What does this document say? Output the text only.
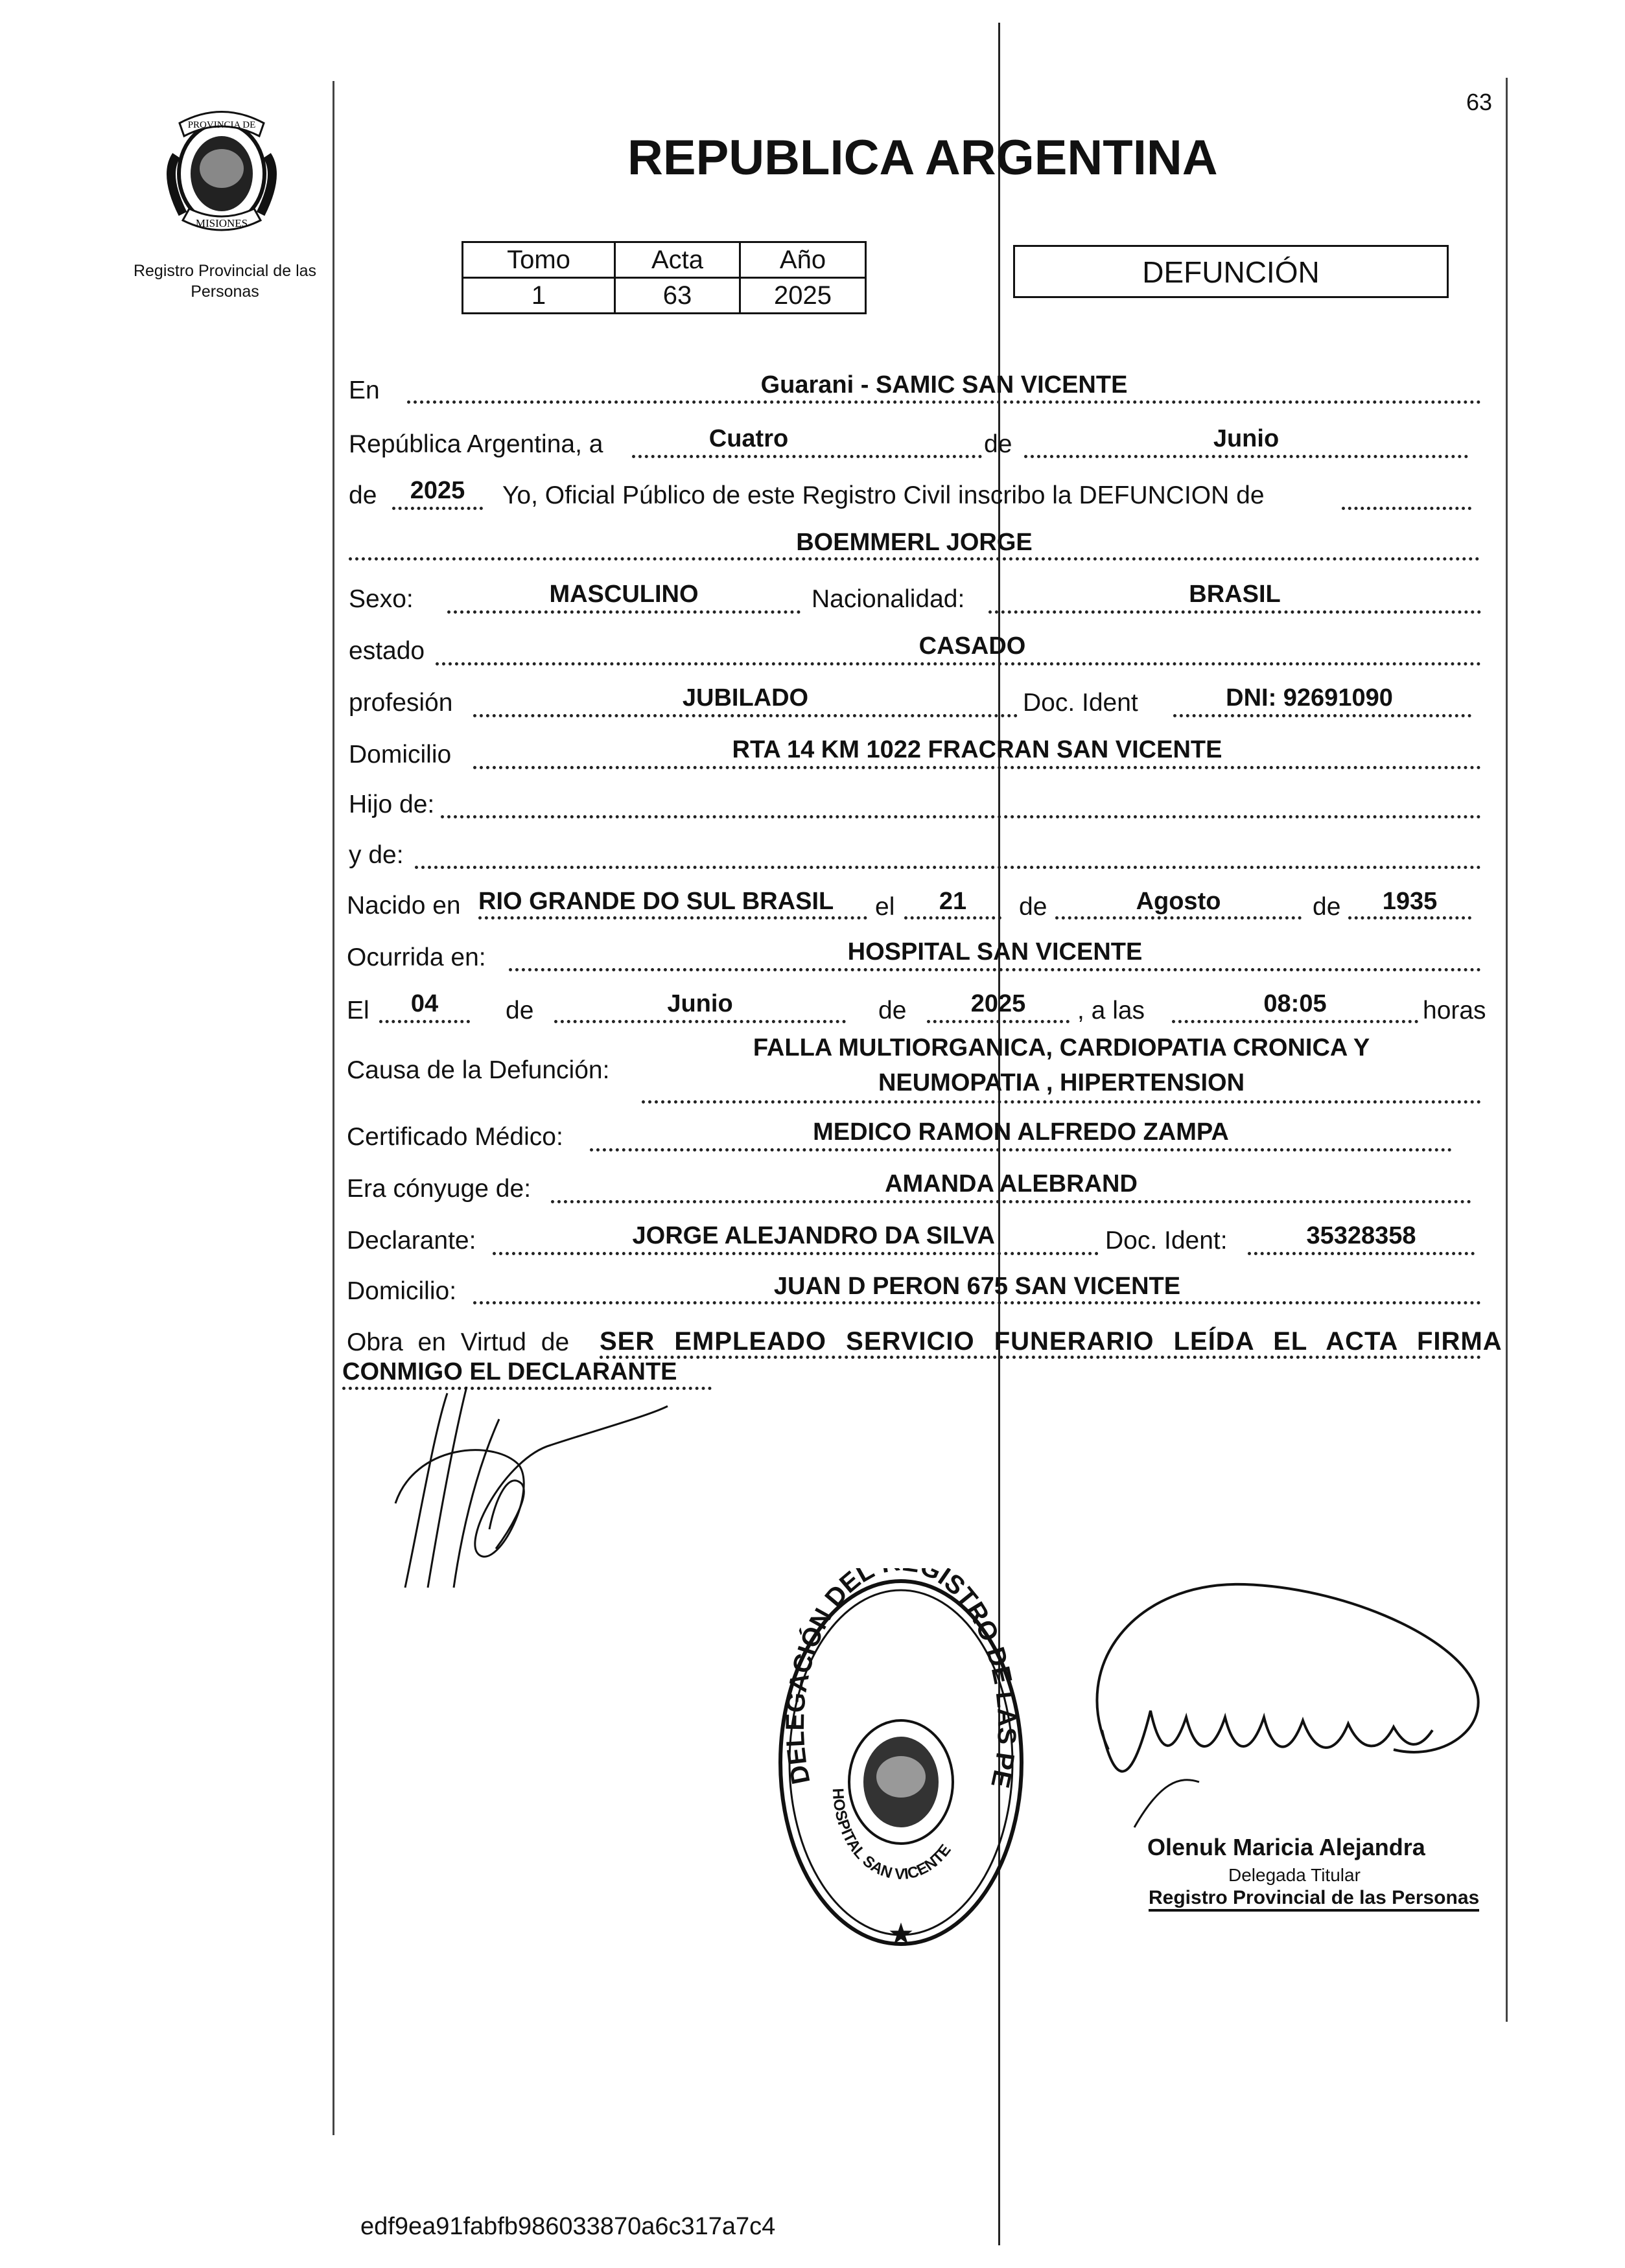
63
PROVINCIA DE
MISIONES
Registro Provincial de las Personas
REPUBLICA ARGENTINA
Tomo	Acta	Año
1	63	2025
DEFUNCIÓN
En	Guarani - SAMIC SAN VICENTE
República Argentina, a	Cuatro	de	Junio
de	2025	Yo, Oficial Público de este Registro Civil inscribo la DEFUNCION de
BOEMMERL JORGE
Sexo:	MASCULINO	Nacionalidad:	BRASIL
estado	CASADO
profesión	JUBILADO	Doc. Ident	DNI: 92691090
Domicilio	RTA 14 KM 1022 FRACRAN SAN VICENTE
Hijo de:
y de:
Nacido en RIO GRANDE DO SUL BRASIL	el	21	de	Agosto	de	1935
Ocurrida en:	HOSPITAL SAN VICENTE
El	04	de	Junio	de	2025	, a las	08:05	horas
Causa de la Defunción:
FALLA MULTIORGANICA, CARDIOPATIA CRONICA Y
NEUMOPATIA , HIPERTENSION
Certificado Médico:	MEDICO RAMON ALFREDO ZAMPA
Era cónyuge de:	AMANDA ALEBRAND
Declarante:	JORGE ALEJANDRO DA SILVA	Doc. Ident:	35328358
Domicilio:	JUAN D PERON 675 SAN VICENTE
Obra en Virtud de SER EMPLEADO SERVICIO FUNERARIO LEÍDA EL ACTA FIRMA
CONMIGO EL DECLARANTE
DELEGACIÓN DEL GISTRO DE LAS PE
HOSPITAL SAN VICENTE
★
Olenuk Maricia Alejandra
Delegada Titular
Registro Provincial de las Personas
edf9ea91fabfb986033870a6c317a7c4
